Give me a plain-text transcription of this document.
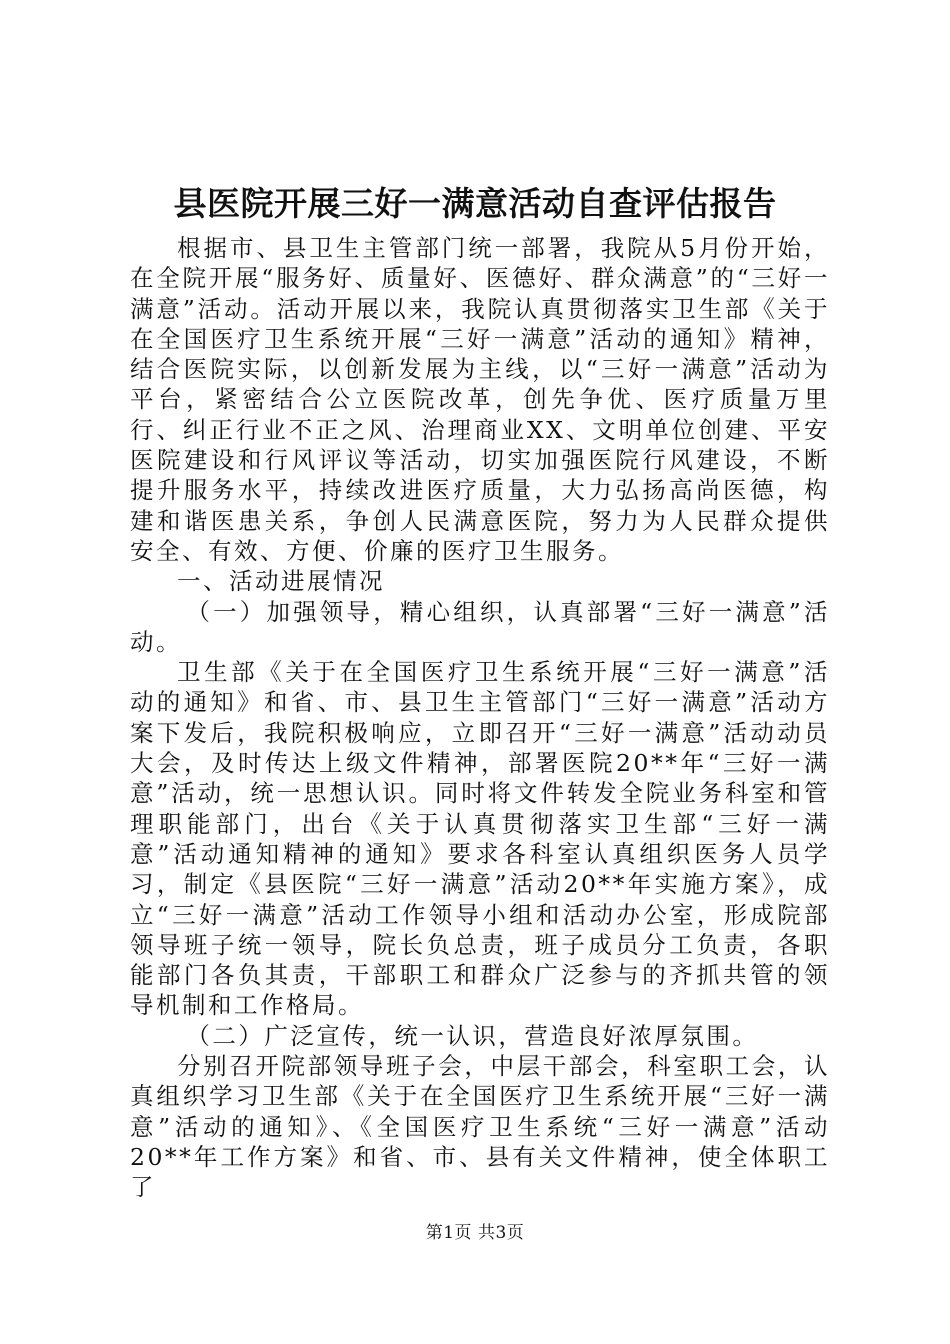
县医院开展三好一满意活动自查评估报告

根据市、县卫生主管部门统一部署，我院从5月份开始，在全院开展“服务好、质量好、医德好、群众满意”的“三好一满意”活动。活动开展以来，我院认真贯彻落实卫生部《关于在全国医疗卫生系统开展“三好一满意”活动的通知》精神，结合医院实际，以创新发展为主线，以“三好一满意”活动为平台，紧密结合公立医院改革，创先争优、医疗质量万里行、纠正行业不正之风、治理商业XX、文明单位创建、平安医院建设和行风评议等活动，切实加强医院行风建设，不断提升服务水平，持续改进医疗质量，大力弘扬高尚医德，构建和谐医患关系，争创人民满意医院，努力为人民群众提供安全、有效、方便、价廉的医疗卫生服务。

一、活动进展情况

（一）加强领导，精心组织，认真部署“三好一满意”活动。

卫生部《关于在全国医疗卫生系统开展“三好一满意”活动的通知》和省、市、县卫生主管部门“三好一满意”活动方案下发后，我院积极响应，立即召开“三好一满意”活动动员大会，及时传达上级文件精神，部署医院20**年“三好一满意”活动，统一思想认识。同时将文件转发全院业务科室和管理职能部门，出台《关于认真贯彻落实卫生部“三好一满意”活动通知精神的通知》要求各科室认真组织医务人员学习，制定《县医院“三好一满意”活动20**年实施方案》，成立“三好一满意”活动工作领导小组和活动办公室，形成院部领导班子统一领导，院长负总责，班子成员分工负责，各职能部门各负其责，干部职工和群众广泛参与的齐抓共管的领导机制和工作格局。

（二）广泛宣传，统一认识，营造良好浓厚氛围。

分别召开院部领导班子会，中层干部会，科室职工会，认真组织学习卫生部《关于在全国医疗卫生系统开展“三好一满意”活动的通知》、《全国医疗卫生系统“三好一满意”活动20**年工作方案》和省、市、县有关文件精神，使全体职工了

第1页 共3页
